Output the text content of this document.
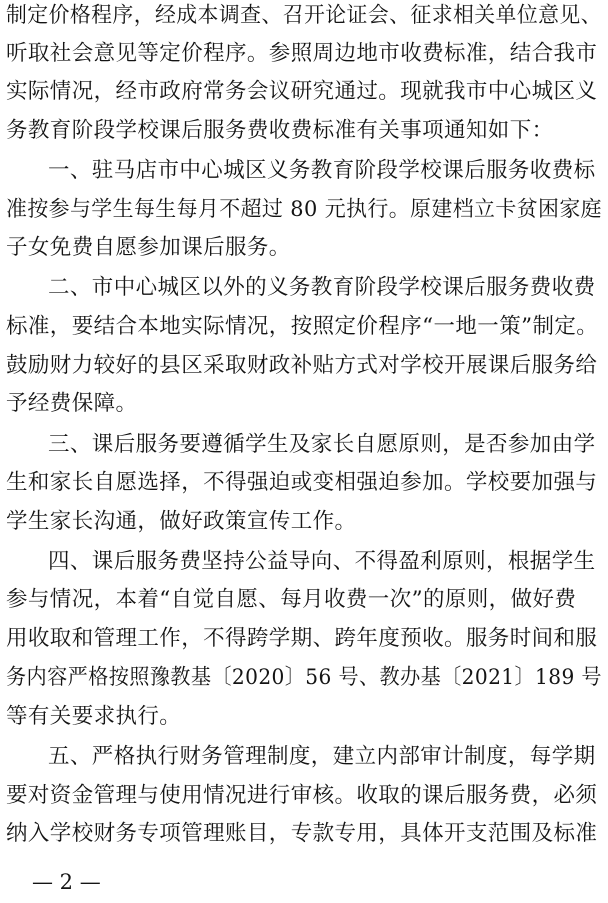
制定价格程序，经成本调查、召开论证会、征求相关单位意见、
听取社会意见等定价程序。参照周边地市收费标准，结合我市
实际情况，经市政府常务会议研究通过。现就我市中心城区义
务教育阶段学校课后服务费收费标准有关事项通知如下：
一、驻马店市中心城区义务教育阶段学校课后服务收费标
准按参与学生每生每月不超过 80 元执行。原建档立卡贫困家庭
子女免费自愿参加课后服务。
二、市中心城区以外的义务教育阶段学校课后服务费收费
标准，要结合本地实际情况，按照定价程序“一地一策”制定。
鼓励财力较好的县区采取财政补贴方式对学校开展课后服务给
予经费保障。
三、课后服务要遵循学生及家长自愿原则，是否参加由学
生和家长自愿选择，不得强迫或变相强迫参加。学校要加强与
学生家长沟通，做好政策宣传工作。
四、课后服务费坚持公益导向、不得盈利原则，根据学生
参与情况，本着“自觉自愿、每月收费一次”的原则，做好费
用收取和管理工作，不得跨学期、跨年度预收。服务时间和服
务内容严格按照豫教基〔2020〕56 号、教办基〔2021〕189 号
等有关要求执行。
五、严格执行财务管理制度，建立内部审计制度，每学期
要对资金管理与使用情况进行审核。收取的课后服务费，必须
纳入学校财务专项管理账目，专款专用，具体开支范围及标准
— 2 —
